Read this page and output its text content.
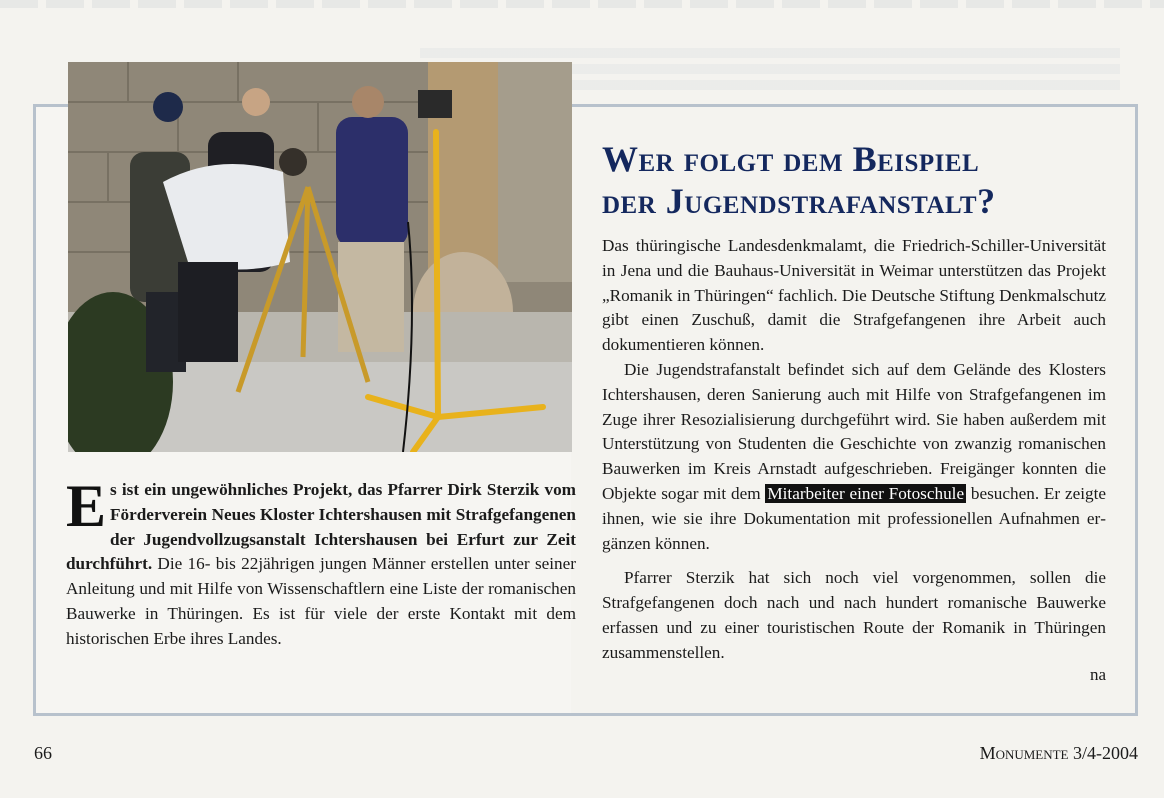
Wer folgt dem Beispiel
der Jugendstrafanstalt?

Das thüringische Landesdenkmalamt, die Friedrich-Schiller-Universität in Jena und die Bauhaus-Universität in Weimar unterstützen das Projekt „Romanik in Thüringen“ fachlich. Die Deutsche Stiftung Denkmalschutz gibt einen Zuschuß, damit die Strafgefangenen ihre Arbeit auch dokumentieren können.

Die Jugendstrafanstalt befindet sich auf dem Gelände des Klosters Ichtershausen, deren Sanierung auch mit Hilfe von Strafgefangenen im Zuge ihrer Resozialisierung durchgeführt wird. Sie haben außerdem mit Unterstützung von Studenten die Geschichte von zwanzig romanischen Bauwerken im Kreis Arnstadt aufgeschrieben. Freigänger konnten die Objekte sogar mit dem Mitarbeiter einer Fotoschule besuchen. Er zeigte ihnen, wie sie ihre Dokumentation mit professionellen Aufnahmen ergänzen können.

Pfarrer Sterzik hat sich noch viel vorgenommen, sollen die Strafgefangenen doch nach und nach hundert romanische Bauwerke erfassen und zu einer touristischen Route der Romanik in Thüringen zusammenstellen.

na
Es ist ein ungewöhnliches Projekt, das Pfarrer Dirk Sterzik vom Förderverein Neues Kloster Ichtershausen mit Strafgefangenen der Jugendvollzugsanstalt Ichtershausen bei Erfurt zur Zeit durchführt. Die 16- bis 22jährigen jungen Männer erstellen unter seiner Anleitung und mit Hilfe von Wissenschaftlern eine Liste der romanischen Bauwerke in Thüringen. Es ist für viele der erste Kontakt mit dem historischen Erbe ihres Landes.
66	Monumente 3/4-2004
